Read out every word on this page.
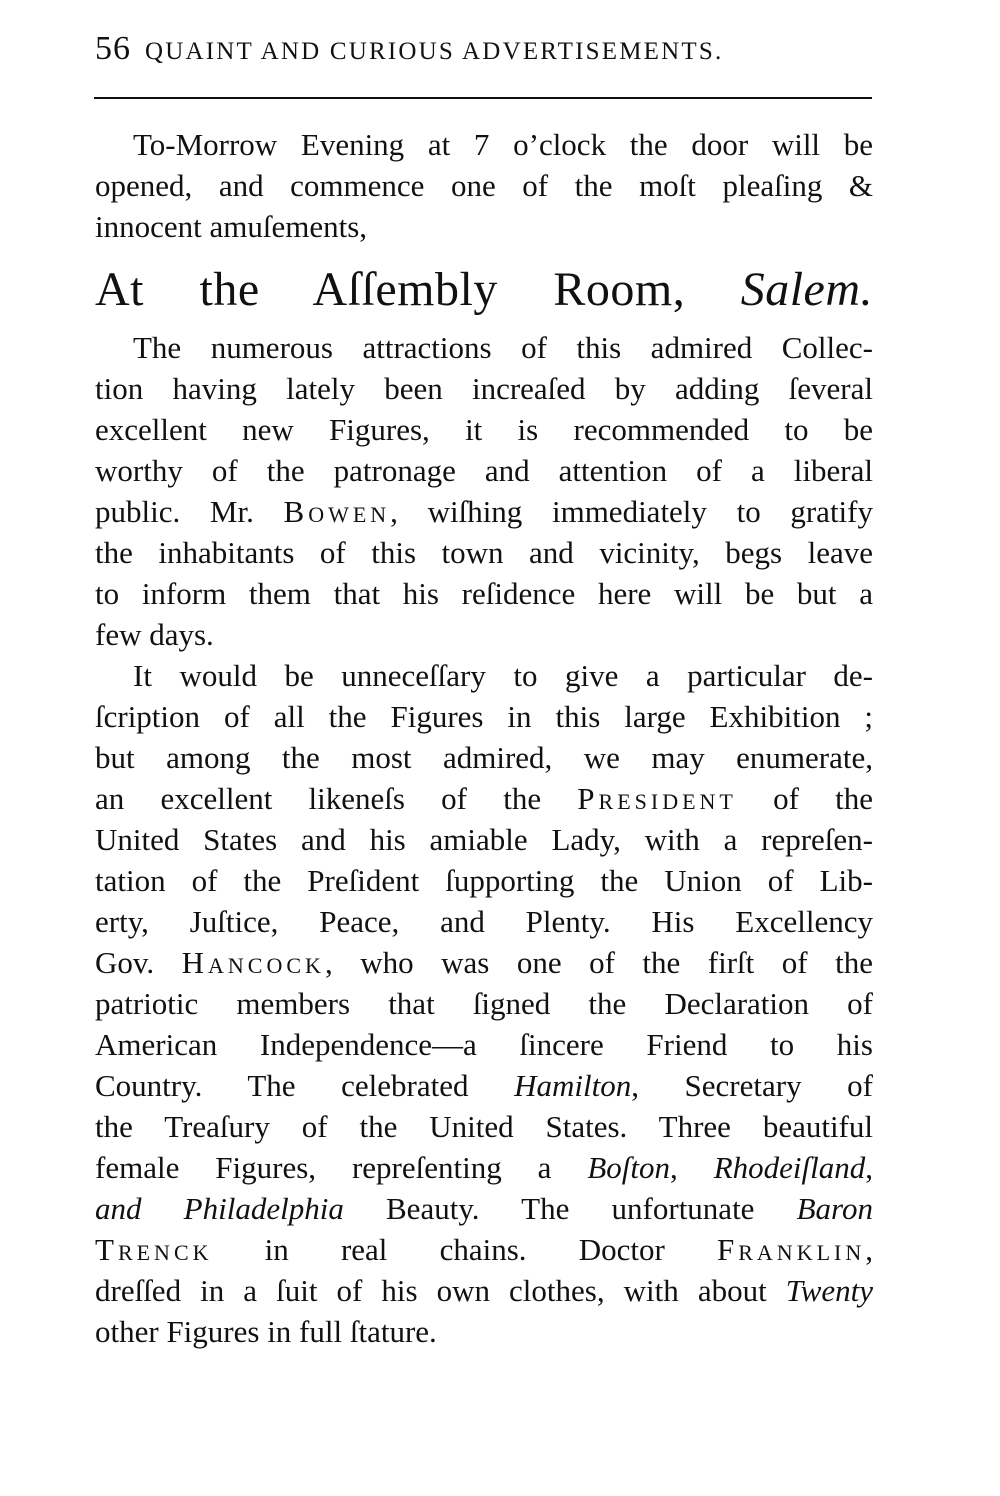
56 QUAINT AND CURIOUS ADVERTISEMENTS.
To-Morrow Evening at 7 o’clock the door will be
opened, and commence one of the moſt pleaſing &
innocent amuſements,
At the Aſſembly Room, Salem.
The numerous attractions of this admired Collec-
tion having lately been increaſed by adding ſeveral
excellent new Figures, it is recommended to be
worthy of the patronage and attention of a liberal
public. Mr. BOWEN, wiſhing immediately to gratify
the inhabitants of this town and vicinity, begs leave
to inform them that his reſidence here will be but a
few days.
It would be unneceſſary to give a particular de-
ſcription of all the Figures in this large Exhibition ;
but among the most admired, we may enumerate,
an excellent likeneſs of the PRESIDENT of the
United States and his amiable Lady, with a repreſen-
tation of the Preſident ſupporting the Union of Lib-
erty, Juſtice, Peace, and Plenty. His Excellency
Gov. HANCOCK, who was one of the firſt of the
patriotic members that ſigned the Declaration of
American Independence—a ſincere Friend to his
Country. The celebrated Hamilton, Secretary of
the Treaſury of the United States. Three beautiful
female Figures, repreſenting a Boſton, Rhodeiſland,
and Philadelphia Beauty. The unfortunate Baron
TRENCK in real chains. Doctor FRANKLIN,
dreſſed in a ſuit of his own clothes, with about Twenty
other Figures in full ſtature.
